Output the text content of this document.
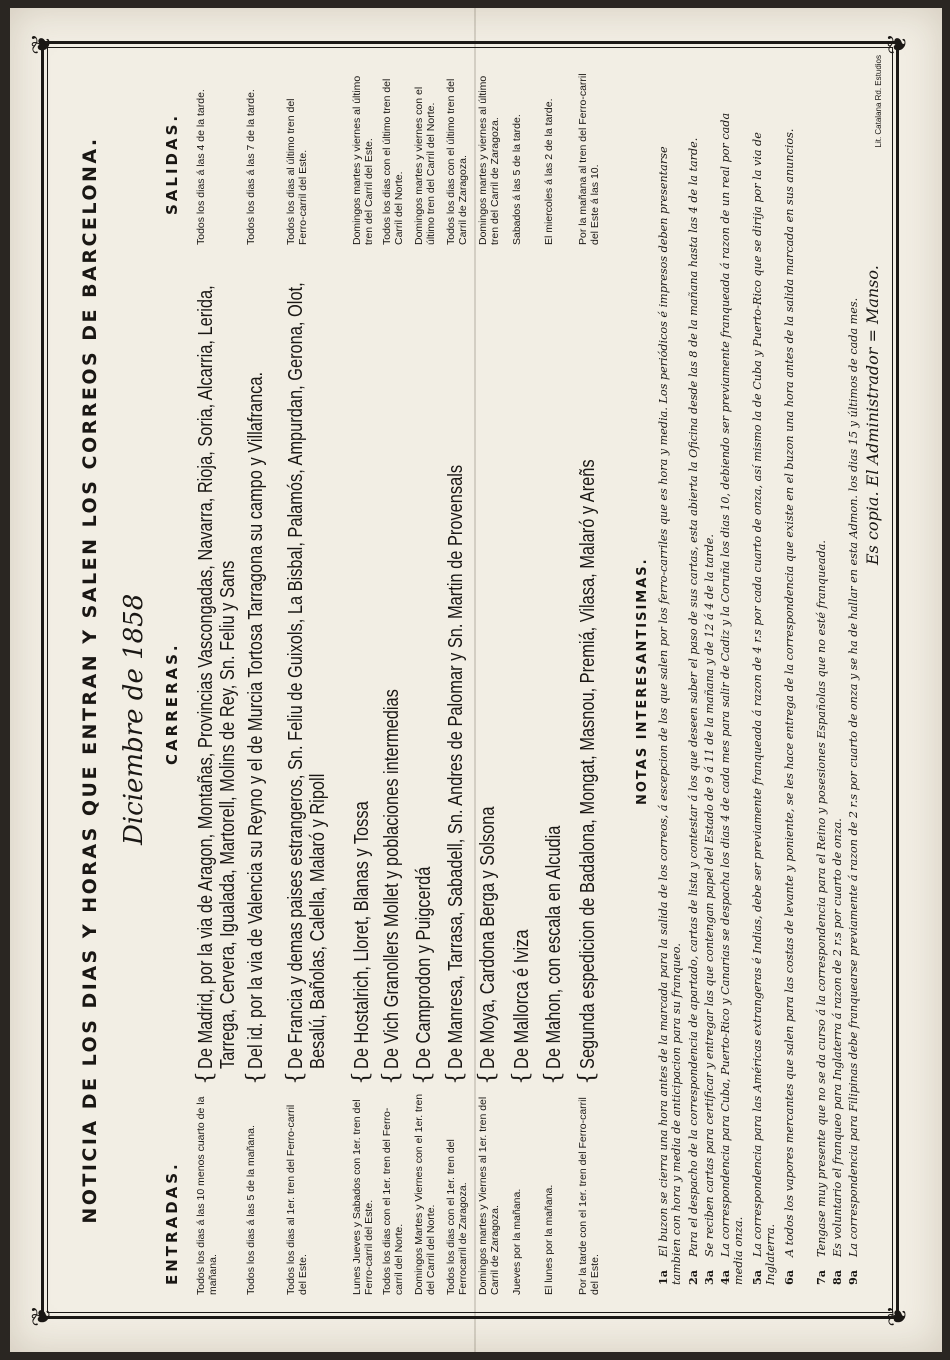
❦
❦
❦
❦
NOTICIA DE LOS DIAS Y HORAS QUE ENTRAN Y SALEN LOS CORREOS DE BARCELONA. Diciembre de 1858
ENTRADAS.
CARRERAS.
SALIDAS.
Todos los dias á las 10 menos cuarto de la mañana.
{
De Madrid, por la via de Aragon, Montañas, Provincias Vascongadas, Navarra, Rioja, Soria, Alcarria, Lerida, Tarrega, Cervera, Igualada, Martorell, Molins de Rey, Sn. Feliu y Sans
Todos los dias á las 4 de la tarde.
Todos los dias á las 5 de la mañana.
{
Del id. por la via de Valencia su Reyno y el de Murcia Tortosa Tarragona su campo y Villafranca.
Todos los dias á las 7 de la tarde.
Todos los dias al 1er. tren del Ferro-carril del Este.
{
De Francia y demas paises estrangeros, Sn. Feliu de Guixols, La Bisbal, Palamós, Ampurdan, Gerona, Olot, Besalú, Bañolas, Calella, Malaró y Ripoll
Todos los dias al último tren del Ferro-carril del Este.
Lunes Jueves y Sabados con 1er. tren del Ferro-carril del Este.
{
De Hostalrich, Lloret, Blanas y Tossa
Domingos martes y viernes al último tren del Carril del Este.
Todos los dias con el 1er. tren del Ferro-carril del Norte.
{
De Vich Granollers Mollet y poblaciones intermedias
Todos los dias con el último tren del Carril del Norte.
Domingos Martes y Viernes con el 1er. tren del Carril del Norte.
{
De Camprodon y Puigcerdá
Domingos martes y viernes con el último tren del Carril del Norte.
Todos los dias con el 1er. tren del Ferrocarril de Zaragoza.
{
De Manresa, Tarrasa, Sabadell, Sn. Andres de Palomar y Sn. Martin de Provensals
Todos los dias con el último tren del Carril de Zaragoza.
Domingos martes y Viernes al 1er. tren del Carril de Zaragoza.
{
De Moya, Cardona Berga y Solsona
Domingos martes y viernes al último tren del Carril de Zaragoza.
Jueves por la mañana.
{
De Mallorca é Iviza
Sabados á las 5 de la tarde.
El lunes por la mañana.
{
De Mahon, con escala en Alcudia
El miercoles á las 2 de la tarde.
Por la tarde con el 1er. tren del Ferro-carril del Este.
{
Segunda espedicion de Badalona, Mongat, Masnou, Premiá, Vilasa, Malaró y Areñs
Por la mañana al tren del Ferro-carril del Este á las 10.
NOTAS INTERESANTISIMAS.
1aEl buzon se cierra una hora antes de la marcada para la salida de los correos, á escepcion de los que salen por los ferro-carriles que es hora y media. Los periódicos é impresos deben presentarse tambien con hora y media de anticipacion para su franqueo. 2aPara el despacho de la correspondencia de apartado, cartas de lista y contestar á los que deseen saber el paso de sus cartas, esta abierta la Oficina desde las 8 de la mañana hasta las 4 de la tarde.
3aSe reciben cartas para certificar y entregar las que contengan papel del Estado de 9 á 11 de la mañana y de 12 á 4 de la tarde.
4aLa correspondencia para Cuba, Puerto-Rico y Canarias se despacha los dias 4 de cada mes para salir de Cadiz y la Coruña los dias 10, debiendo ser previamente franqueada á razon de un real por cada media onza. 5aLa correspondencia para las Américas extrangeras é Indias, debe ser previamente franqueada á razon de 4 r.s por cada cuarto de onza, así mismo la de Cuba y Puerto-Rico que se dirija por la via de Inglaterra. 6aA todos los vapores mercantes que salen para las costas de levante y poniente, se les hace entrega de la correspondencia que existe en el buzon una hora antes de la salida marcada en sus anuncios.
7aTengase muy presente que no se da curso á la correspondencia para el Reino y posesiones Españolas que no esté franqueada.
8aEs voluntario el franqueo para Inglaterra á razon de 2 r.s por cuarto de onza.
9aLa correspondencia para Filipinas debe franquearse previamente á razon de 2 r.s por cuarto de onza y se ha de hallar en esta Admon. los dias 15 y últimos de cada mes. Es copia. El Administrador = Manso.
Lit. Catalana Rd. Estudios
